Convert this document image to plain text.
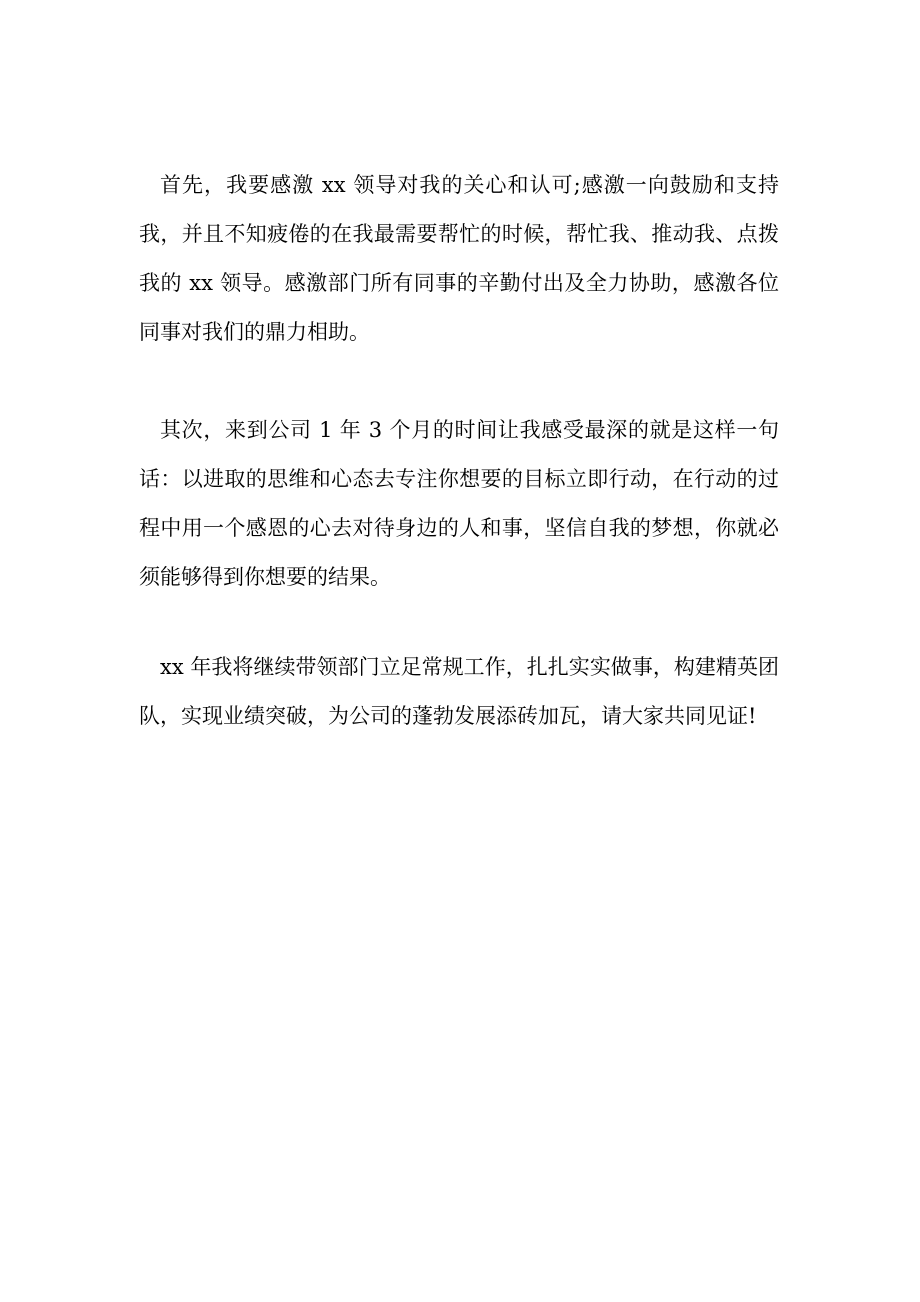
首先，我要感激 xx 领导对我的关心和认可;感激一向鼓励和支持我，并且不知疲倦的在我最需要帮忙的时候，帮忙我、推动我、点拨我的 xx 领导。感激部门所有同事的辛勤付出及全力协助，感激各位同事对我们的鼎力相助。

其次，来到公司 1 年 3 个月的时间让我感受最深的就是这样一句话：以进取的思维和心态去专注你想要的目标立即行动，在行动的过程中用一个感恩的心去对待身边的人和事，坚信自我的梦想，你就必须能够得到你想要的结果。

xx 年我将继续带领部门立足常规工作，扎扎实实做事，构建精英团队，实现业绩突破，为公司的蓬勃发展添砖加瓦，请大家共同见证!
